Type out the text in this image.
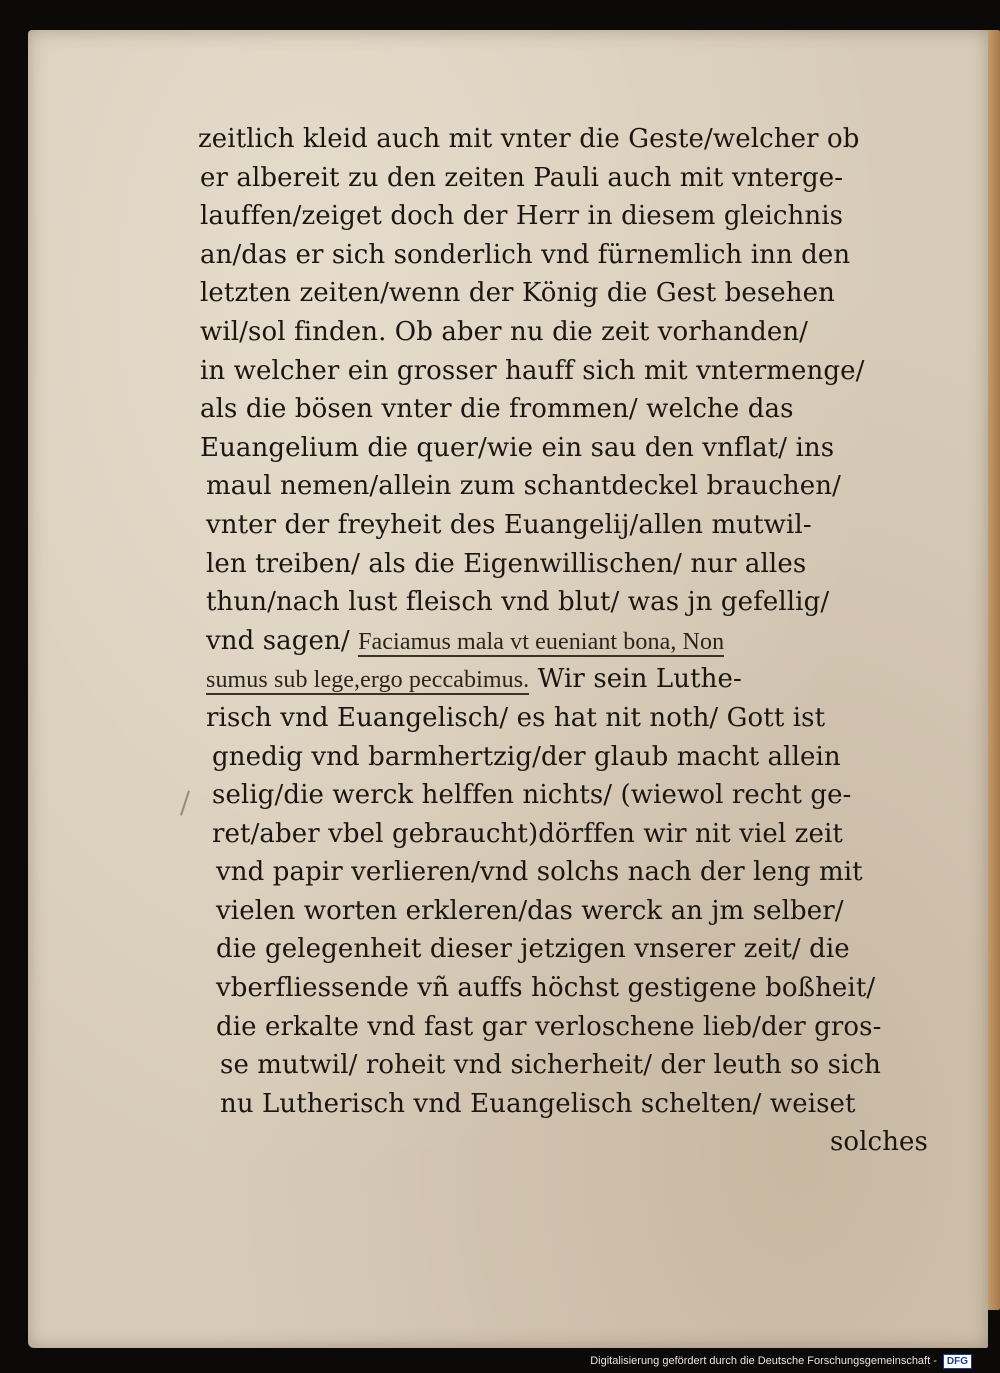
zeitlich kleid auch mit vnter die Geste/welcher ob
er albereit zu den zeiten Pauli auch mit vnterge-
lauffen/zeiget doch der Herr in diesem gleichnis
an/das er sich sonderlich vnd fürnemlich inn den
letzten zeiten/wenn der König die Gest besehen
wil/sol finden. Ob aber nu die zeit vorhanden/
in welcher ein grosser hauff sich mit vntermenge/
als die bösen vnter die frommen/ welche das
Euangelium die quer/wie ein sau den vnflat/ ins
maul nemen/allein zum schantdeckel brauchen/
vnter der freyheit des Euangelij/allen mutwil-
len treiben/ als die Eigenwillischen/ nur alles
thun/nach lust fleisch vnd blut/ was jn gefellig/
vnd sagen/ Faciamus mala vt eueniant bona, Non
sumus sub lege,ergo peccabimus. Wir sein Luthe-
risch vnd Euangelisch/ es hat nit noth/ Gott ist
gnedig vnd barmhertzig/der glaub macht allein
selig/die werck helffen nichts/ (wiewol recht ge-
ret/aber vbel gebraucht)dörffen wir nit viel zeit
vnd papir verlieren/vnd solchs nach der leng mit
vielen worten erkleren/das werck an jm selber/
die gelegenheit dieser jetzigen vnserer zeit/ die
vberfliessende vñ auffs höchst gestigene boßheit/
die erkalte vnd fast gar verloschene lieb/der gros-
se mutwil/ roheit vnd sicherheit/ der leuth so sich
nu Lutherisch vnd Euangelisch schelten/ weiset
solches
Digitalisierung gefördert durch die Deutsche Forschungsgemeinschaft -	DFG
